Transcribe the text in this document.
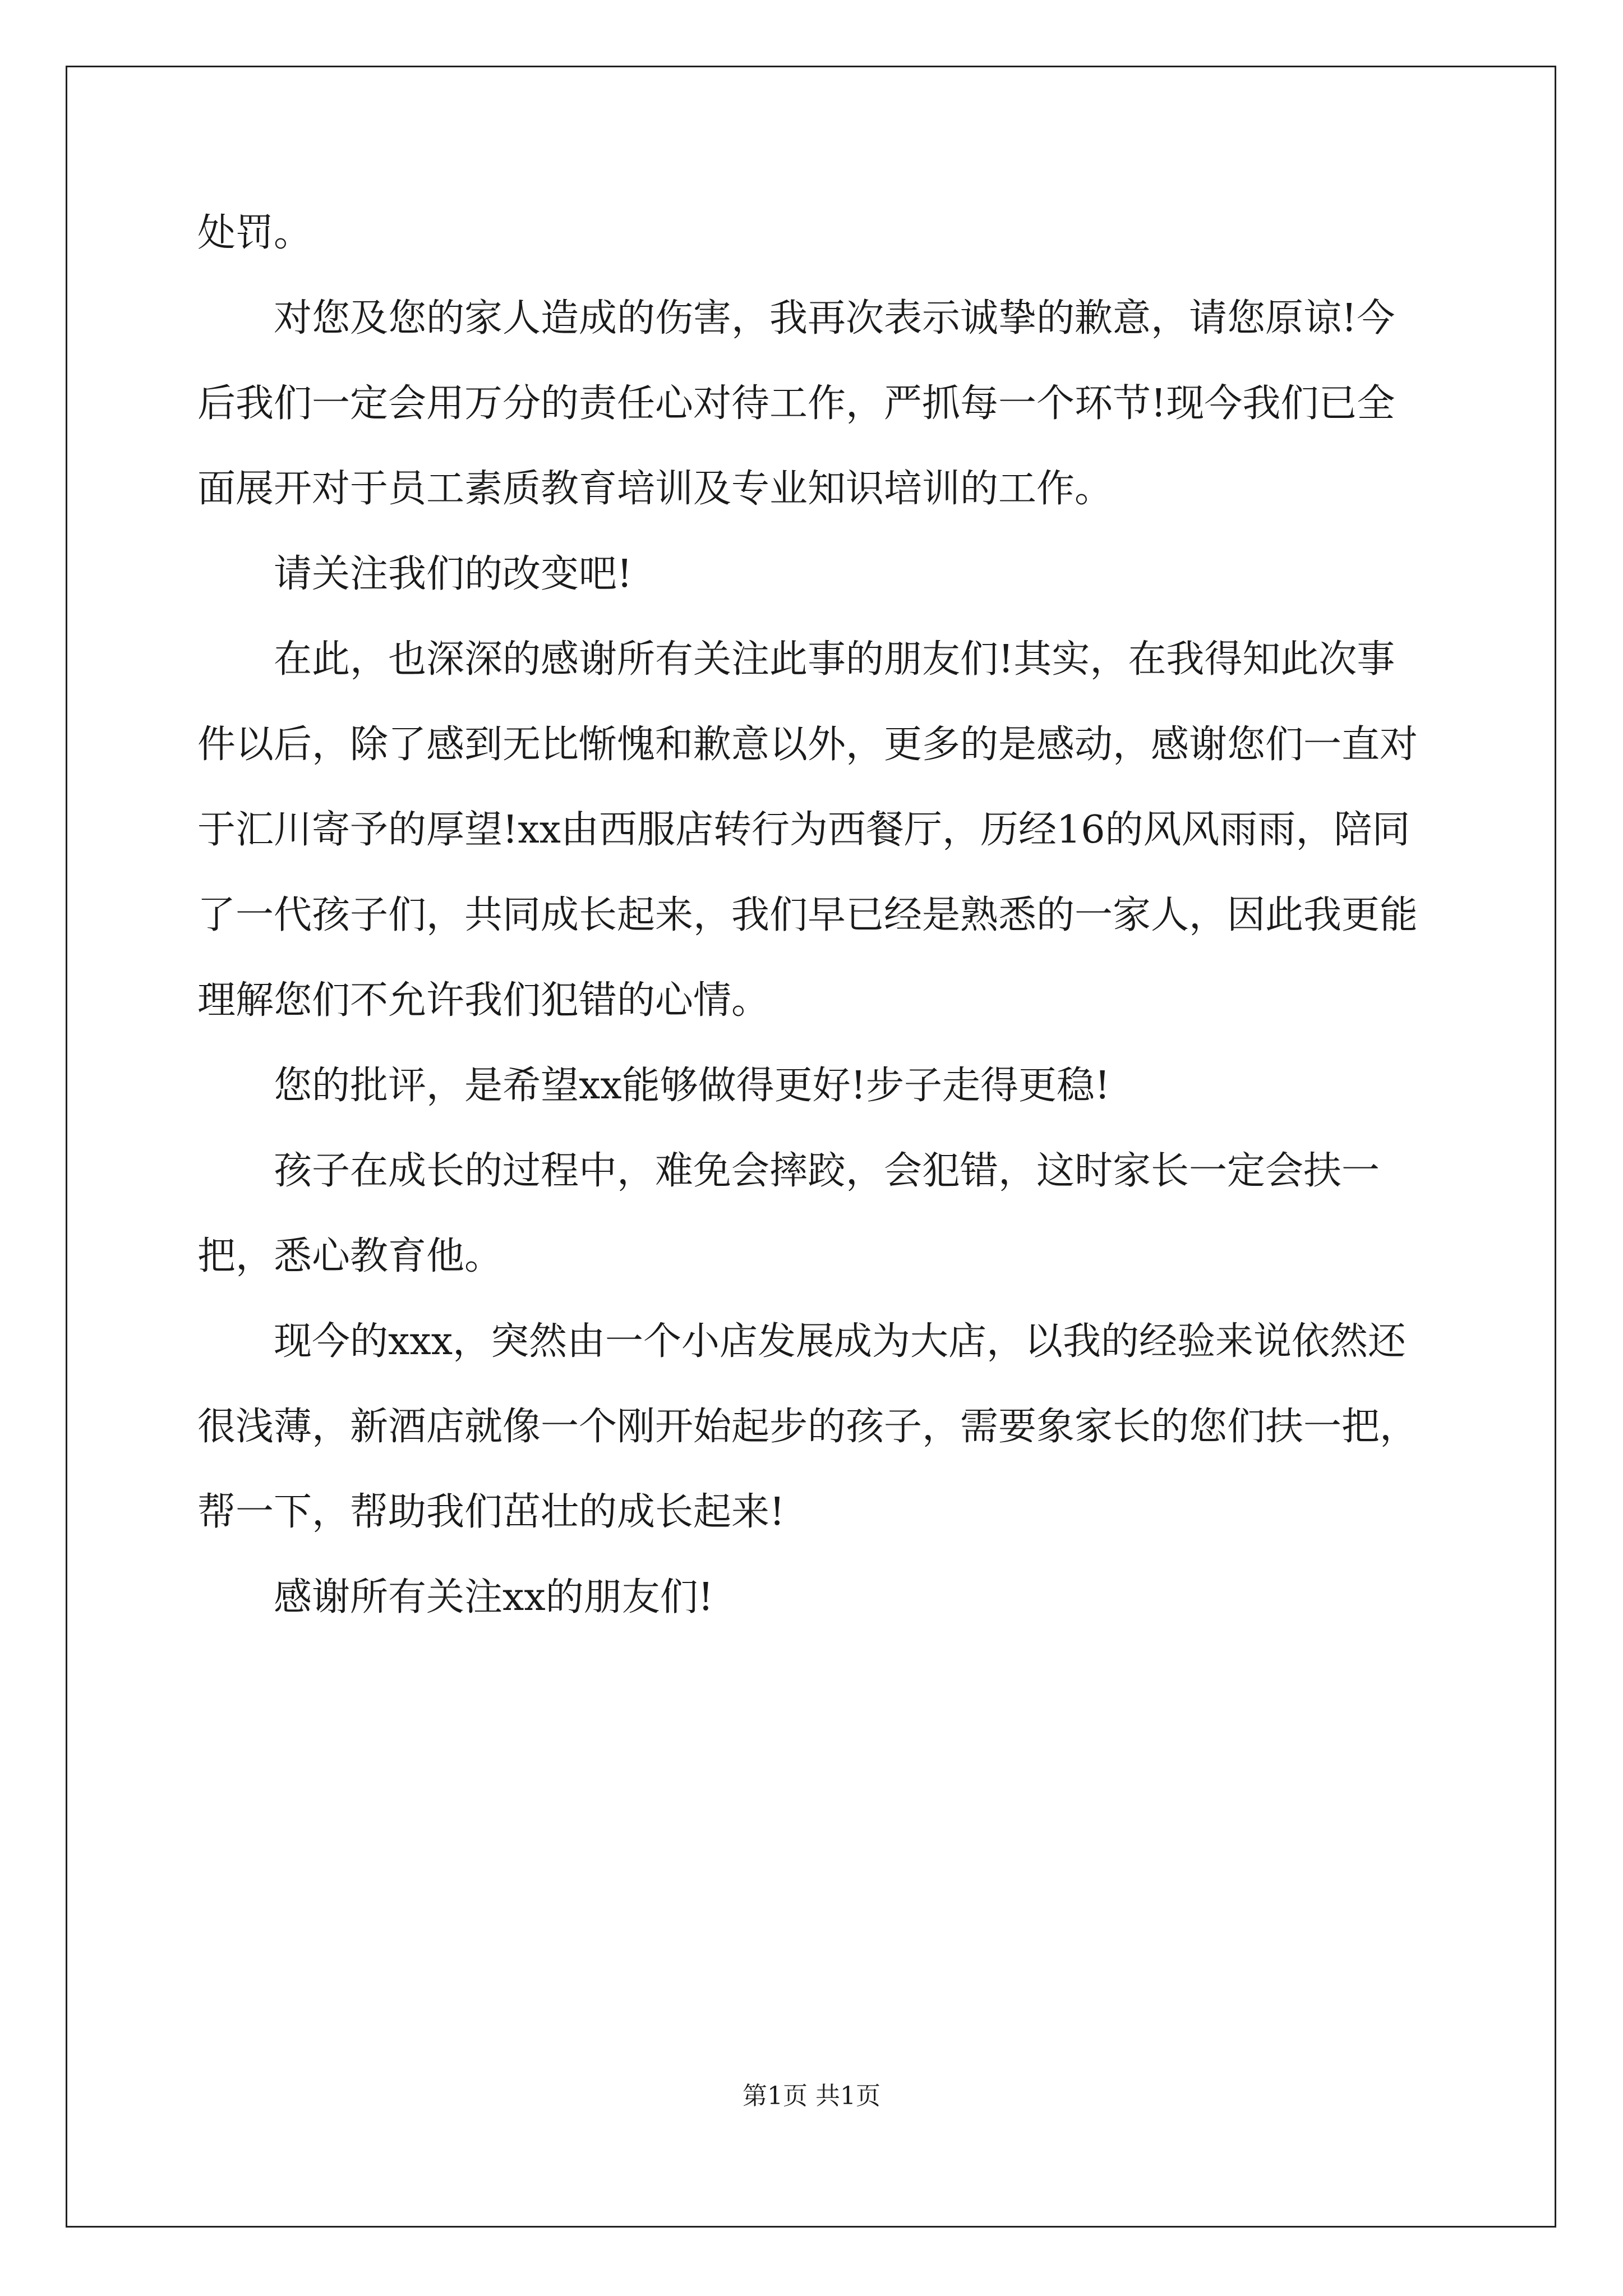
处罚。

对您及您的家人造成的伤害，我再次表示诚挚的歉意，请您原谅!今后我们一定会用万分的责任心对待工作，严抓每一个环节!现今我们已全面展开对于员工素质教育培训及专业知识培训的工作。

请关注我们的改变吧!

在此，也深深的感谢所有关注此事的朋友们!其实，在我得知此次事件以后，除了感到无比惭愧和歉意以外，更多的是感动，感谢您们一直对于汇川寄予的厚望!xx由西服店转行为西餐厅，历经16的风风雨雨，陪同了一代孩子们，共同成长起来，我们早已经是熟悉的一家人，因此我更能理解您们不允许我们犯错的心情。

您的批评，是希望xx能够做得更好!步子走得更稳!

孩子在成长的过程中，难免会摔跤，会犯错，这时家长一定会扶一把，悉心教育他。

现今的xxx，突然由一个小店发展成为大店，以我的经验来说依然还很浅薄，新酒店就像一个刚开始起步的孩子，需要象家长的您们扶一把，帮一下，帮助我们茁壮的成长起来!

感谢所有关注xx的朋友们!

第1页 共1页
